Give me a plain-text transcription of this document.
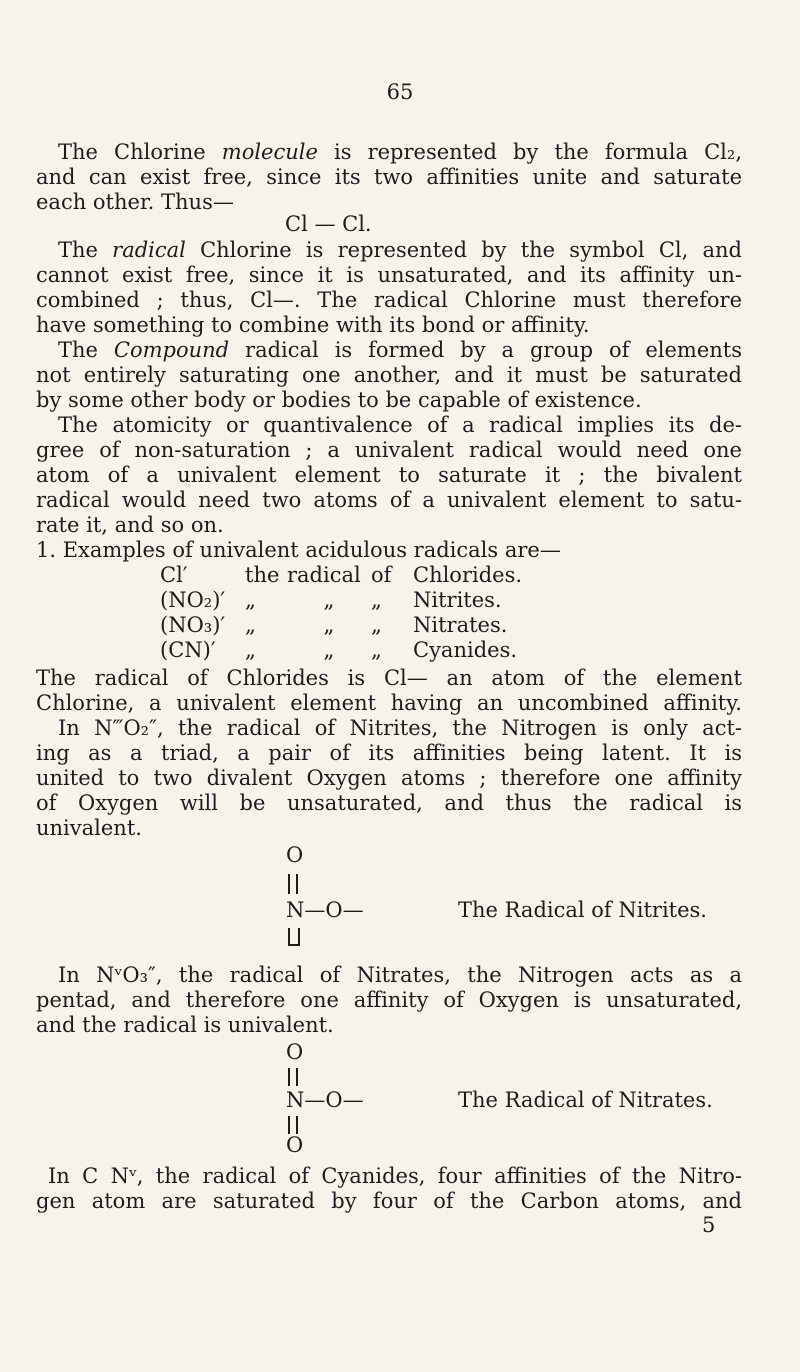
65
The Chlorine molecule is represented by the formula Cl₂,
and can exist free, since its two affinities unite and saturate
each other. Thus—
Cl — Cl.
The radical Chlorine is represented by the symbol Cl, and
cannot exist free, since it is unsaturated, and its affinity un-
combined ; thus, Cl—. The radical Chlorine must therefore
have something to combine with its bond or affinity.
The Compound radical is formed by a group of elements
not entirely saturating one another, and it must be saturated
by some other body or bodies to be capable of existence.
The atomicity or quantivalence of a radical implies its de-
gree of non-saturation ; a univalent radical would need one
atom of a univalent element to saturate it ; the bivalent
radical would need two atoms of a univalent element to satu-
rate it, and so on.
1. Examples of univalent acidulous radicals are—
Cl′	the radical of Chlorides.
(NO₂)′ „	„ „ Nitrites.
(NO₃)′ „	„ „ Nitrates.
(CN)′ „	„ „ Cyanides.
The radical of Chlorides is Cl— an atom of the element
Chlorine, a univalent element having an uncombined affinity.
In N‴O₂″, the radical of Nitrites, the Nitrogen is only act-
ing as a triad, a pair of its affinities being latent. It is
united to two divalent Oxygen atoms ; therefore one affinity
of Oxygen will be unsaturated, and thus the radical is
univalent.
O
N—O—	The Radical of Nitrites.
In NᵛO₃″, the radical of Nitrates, the Nitrogen acts as a
pentad, and therefore one affinity of Oxygen is unsaturated,
and the radical is univalent.
O
N—O—	The Radical of Nitrates.
O
In C Nᵛ, the radical of Cyanides, four affinities of the Nitro-
gen atom are saturated by four of the Carbon atoms, and
5
